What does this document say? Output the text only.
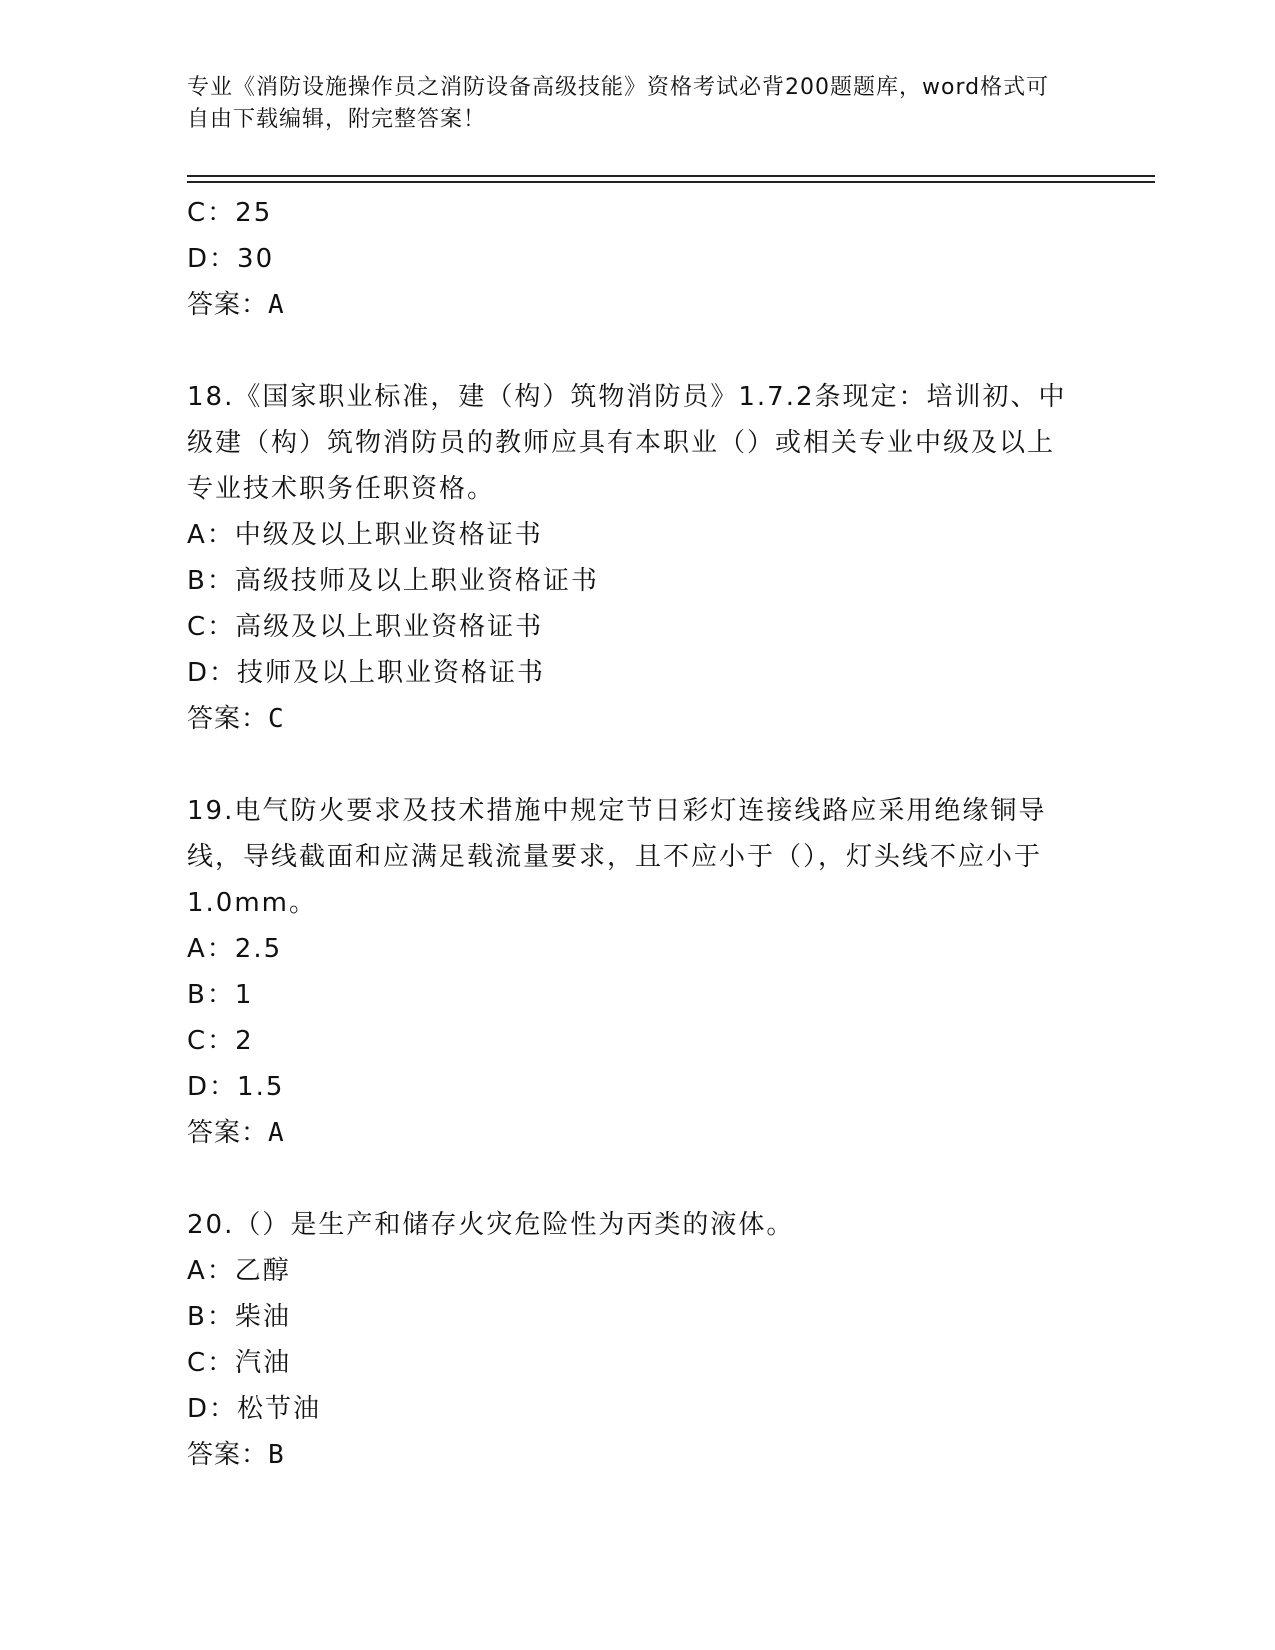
专业《消防设施操作员之消防设备高级技能》资格考试必背200题题库，word格式可自由下载编辑，附完整答案！
C：25
D：30
答案：A
18.《国家职业标准，建（构）筑物消防员》1.7.2条现定：培训初、中级建（构）筑物消防员的教师应具有本职业（）或相关专业中级及以上专业技术职务任职资格。
A：中级及以上职业资格证书
B：高级技师及以上职业资格证书
C：高级及以上职业资格证书
D：技师及以上职业资格证书
答案：C
19.电气防火要求及技术措施中规定节日彩灯连接线路应采用绝缘铜导线，导线截面和应满足载流量要求，且不应小于（），灯头线不应小于1.0mm。
A：2.5
B：1
C：2
D：1.5
答案：A
20.（）是生产和储存火灾危险性为丙类的液体。
A：乙醇
B：柴油
C：汽油
D：松节油
答案：B
